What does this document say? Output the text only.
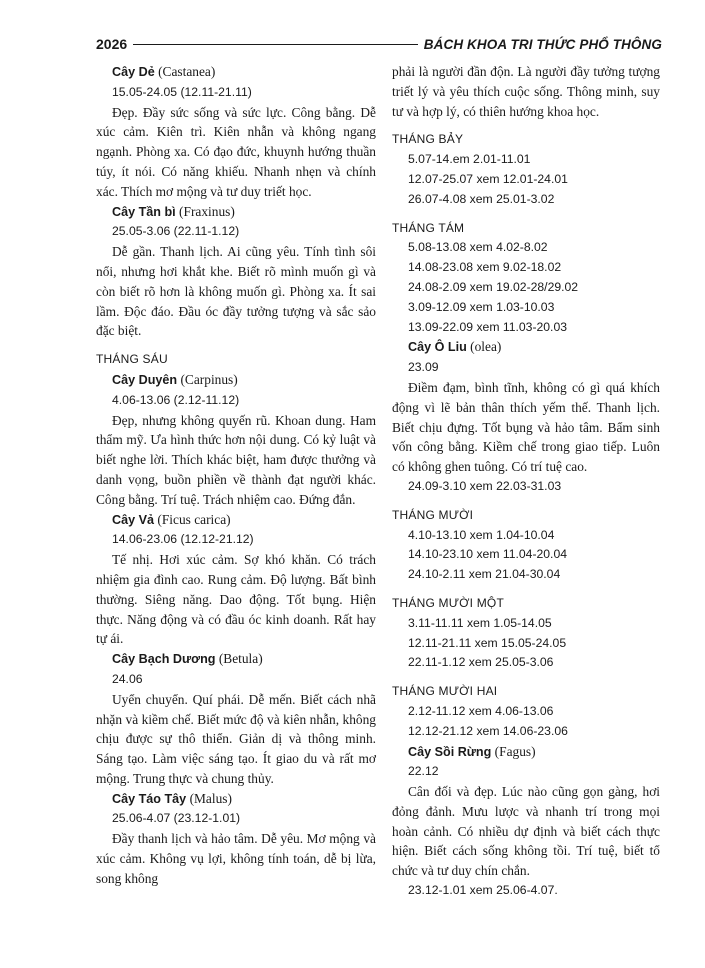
2026	BÁCH KHOA TRI THỨC PHỔ THÔNG
Cây Dẻ (Castanea)
15.05-24.05 (12.11-21.11)
Đẹp. Đầy sức sống và sức lực. Công bằng. Dễ xúc cảm. Kiên trì. Kiên nhẫn và không ngang ngạnh. Phòng xa. Có đạo đức, khuynh hướng thuần túy, ít nói. Có năng khiếu. Nhanh nhẹn và chính xác. Thích mơ mộng và tư duy triết học.
Cây Tần bì (Fraxinus)
25.05-3.06 (22.11-1.12)
Dễ gần. Thanh lịch. Ai cũng yêu. Tính tình sôi nổi, nhưng hơi khắt khe. Biết rõ mình muốn gì và còn biết rõ hơn là không muốn gì. Phòng xa. Ít sai lầm. Độc đáo. Đầu óc đầy tưởng tượng và sắc sảo đặc biệt.
THÁNG SÁU
Cây Duyên (Carpinus)
4.06-13.06 (2.12-11.12)
Đẹp, nhưng không quyến rũ. Khoan dung. Ham thẩm mỹ. Ưa hình thức hơn nội dung. Có kỷ luật và biết nghe lời. Thích khác biệt, ham được thưởng và danh vọng, buồn phiền về thành đạt người khác. Công bằng. Trí tuệ. Trách nhiệm cao. Đứng đắn.
Cây Vả (Ficus carica)
14.06-23.06 (12.12-21.12)
Tế nhị. Hơi xúc cảm. Sợ khó khăn. Có trách nhiệm gia đình cao. Rung cảm. Độ lượng. Bất bình thường. Siêng năng. Dao động. Tốt bụng. Hiện thực. Năng động và có đầu óc kinh doanh. Rất hay tự ái.
Cây Bạch Dương (Betula)
24.06
Uyển chuyển. Quí phái. Dễ mến. Biết cách nhã nhặn và kiềm chế. Biết mức độ và kiên nhẫn, không chịu được sự thô thiển. Giản dị và thông minh. Sáng tạo. Làm việc sáng tạo. Ít giao du và rất mơ mộng. Trung thực và chung thủy.
Cây Táo Tây (Malus)
25.06-4.07 (23.12-1.01)
Đầy thanh lịch và hảo tâm. Dễ yêu. Mơ mộng và xúc cảm. Không vụ lợi, không tính toán, dễ bị lừa, song không
phải là người đần độn. Là người đầy tưởng tượng triết lý và yêu thích cuộc sống. Thông minh, suy tư và hợp lý, có thiên hướng khoa học.
THÁNG BẢY
5.07-14.em 2.01-11.01
12.07-25.07 xem 12.01-24.01
26.07-4.08 xem 25.01-3.02
THÁNG TÁM
5.08-13.08 xem 4.02-8.02
14.08-23.08 xem 9.02-18.02
24.08-2.09 xem 19.02-28/29.02
3.09-12.09 xem 1.03-10.03
13.09-22.09 xem 11.03-20.03
Cây Ô Liu (olea)
23.09
Điềm đạm, bình tĩnh, không có gì quá khích động vì lẽ bản thân thích yếm thế. Thanh lịch. Biết chịu đựng. Tốt bụng và hảo tâm. Bẩm sinh vốn công bằng. Kiềm chế trong giao tiếp. Luôn có không ghen tuông. Có trí tuệ cao.
24.09-3.10 xem 22.03-31.03
THÁNG MƯỜI
4.10-13.10 xem 1.04-10.04
14.10-23.10 xem 11.04-20.04
24.10-2.11 xem 21.04-30.04
THÁNG MƯỜI MỘT
3.11-11.11 xem 1.05-14.05
12.11-21.11 xem 15.05-24.05
22.11-1.12 xem 25.05-3.06
THÁNG MƯỜI HAI
2.12-11.12 xem 4.06-13.06
12.12-21.12 xem 14.06-23.06
Cây Sồi Rừng (Fagus)
22.12
Cân đối và đẹp. Lúc nào cũng gọn gàng, hơi đỏng đảnh. Mưu lược và nhanh trí trong mọi hoàn cảnh. Có nhiều dự định và biết cách thực hiện. Biết cách sống không tồi. Trí tuệ, biết tổ chức và tư duy chín chắn.
23.12-1.01 xem 25.06-4.07.
